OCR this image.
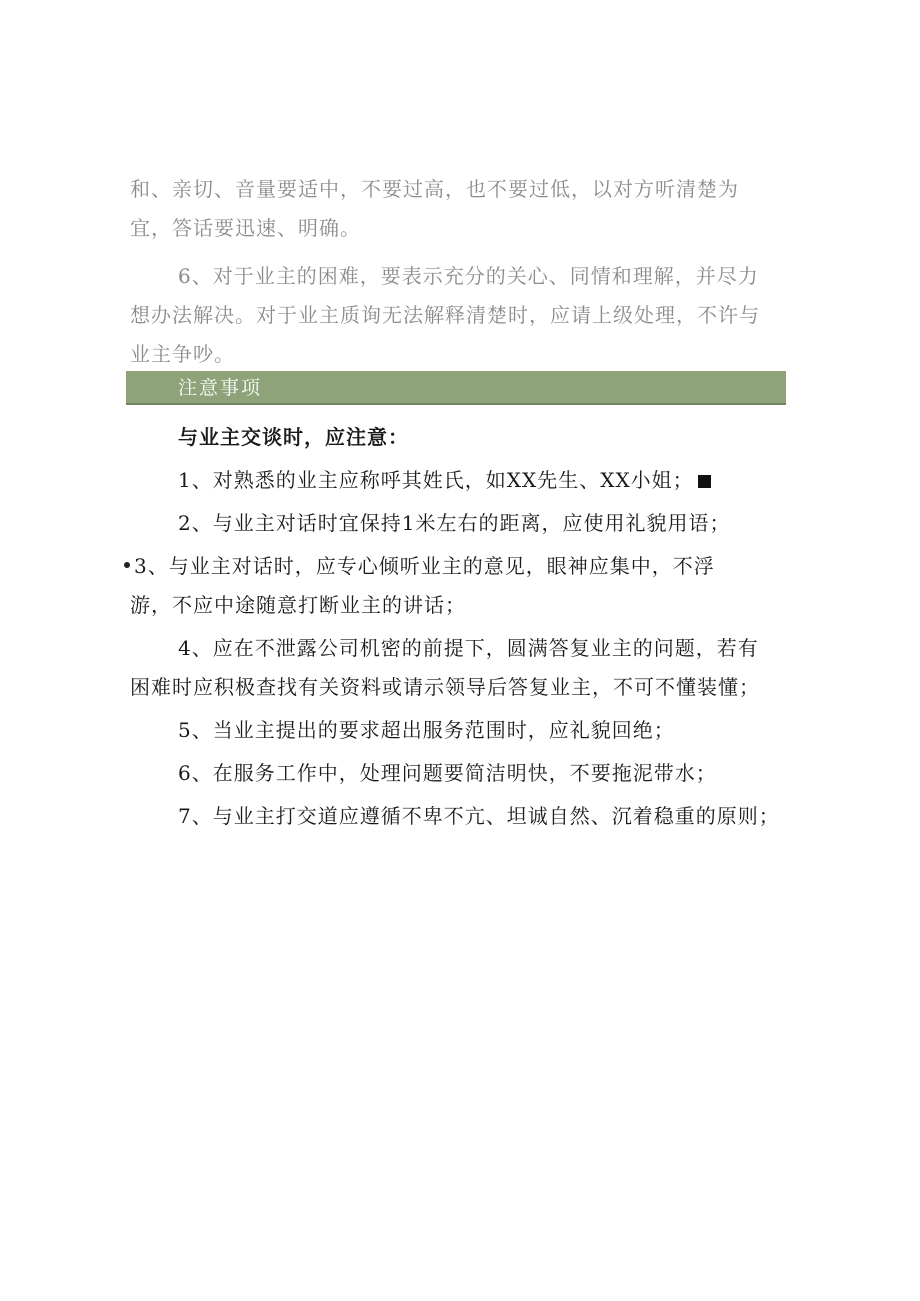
和、亲切、音量要适中，不要过高，也不要过低，以对方听清楚为
宜，答话要迅速、明确。

6、对于业主的困难，要表示充分的关心、同情和理解，并尽力
想办法解决。对于业主质询无法解释清楚时，应请上级处理，不许与
业主争吵。

注意事项

与业主交谈时，应注意：

1、对熟悉的业主应称呼其姓氏，如XX先生、XX小姐；

2、与业主对话时宜保持1米左右的距离，应使用礼貌用语；

3、与业主对话时，应专心倾听业主的意见，眼神应集中，不浮
游，不应中途随意打断业主的讲话；

4、应在不泄露公司机密的前提下，圆满答复业主的问题，若有
困难时应积极查找有关资料或请示领导后答复业主，不可不懂装懂；

5、当业主提出的要求超出服务范围时，应礼貌回绝；

6、在服务工作中，处理问题要简洁明快，不要拖泥带水；

7、与业主打交道应遵循不卑不亢、坦诚自然、沉着稳重的原则；
